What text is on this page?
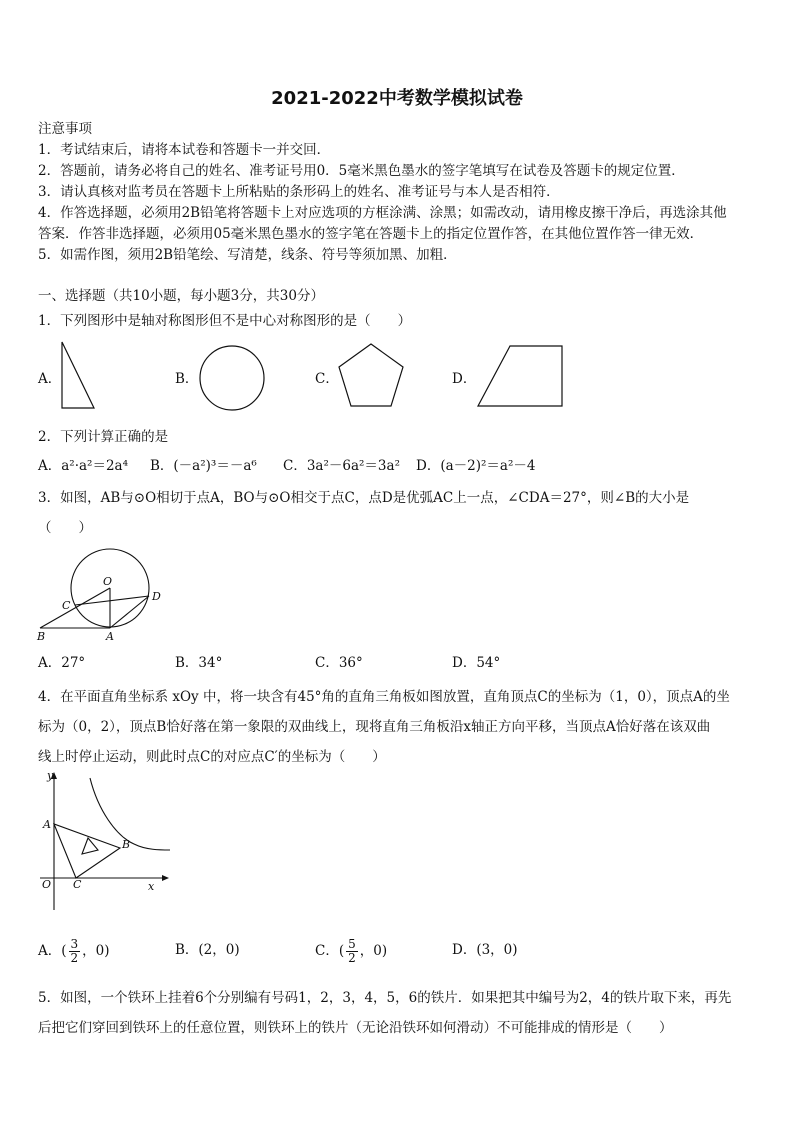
2021-2022中考数学模拟试卷
注意事项
1．考试结束后，请将本试卷和答题卡一并交回．
2．答题前，请务必将自己的姓名、准考证号用0．5毫米黑色墨水的签字笔填写在试卷及答题卡的规定位置．
3．请认真核对监考员在答题卡上所粘贴的条形码上的姓名、准考证号与本人是否相符．
4．作答选择题，必须用2B铅笔将答题卡上对应选项的方框涂满、涂黑；如需改动，请用橡皮擦干净后，再选涂其他
答案．作答非选择题，必须用05毫米黑色墨水的签字笔在答题卡上的指定位置作答，在其他位置作答一律无效．
5．如需作图，须用2B铅笔绘、写清楚，线条、符号等须加黑、加粗．
一、选择题（共10小题，每小题3分，共30分）
1．下列图形中是轴对称图形但不是中心对称图形的是（　　）
A．	B．	C．	D．
2．下列计算正确的是
A．a²·a²＝2a⁴ B．(－a²)³＝－a⁶ C．3a²－6a²＝3a² D．(a－2)²＝a²－4
3．如图，AB与⊙O相切于点A，BO与⊙O相交于点C，点D是优弧AC上一点，∠CDA＝27°，则∠B的大小是
（　　）
O
C
D
B	A
A．27°	B．34°	C．36°	D．54°
4．在平面直角坐标系 xOy 中，将一块含有45°角的直角三角板如图放置，直角顶点C的坐标为（1，0），顶点A的坐
标为（0，2），顶点B恰好落在第一象限的双曲线上，现将直角三角板沿x轴正方向平移，当顶点A恰好落在该双曲
线上时停止运动，则此时点C的对应点C′的坐标为（　　）
y
A
B
O C	x
A．( $\frac{3}{2}$ ，0)	B．(2，0)	C．( $\frac{5}{2}$ ，0)	D．(3，0)
5．如图，一个铁环上挂着6个分别编有号码1，2，3，4，5，6的铁片．如果把其中编号为2，4的铁片取下来，再先
后把它们穿回到铁环上的任意位置，则铁环上的铁片（无论沿铁环如何滑动）不可能排成的情形是（　　）
